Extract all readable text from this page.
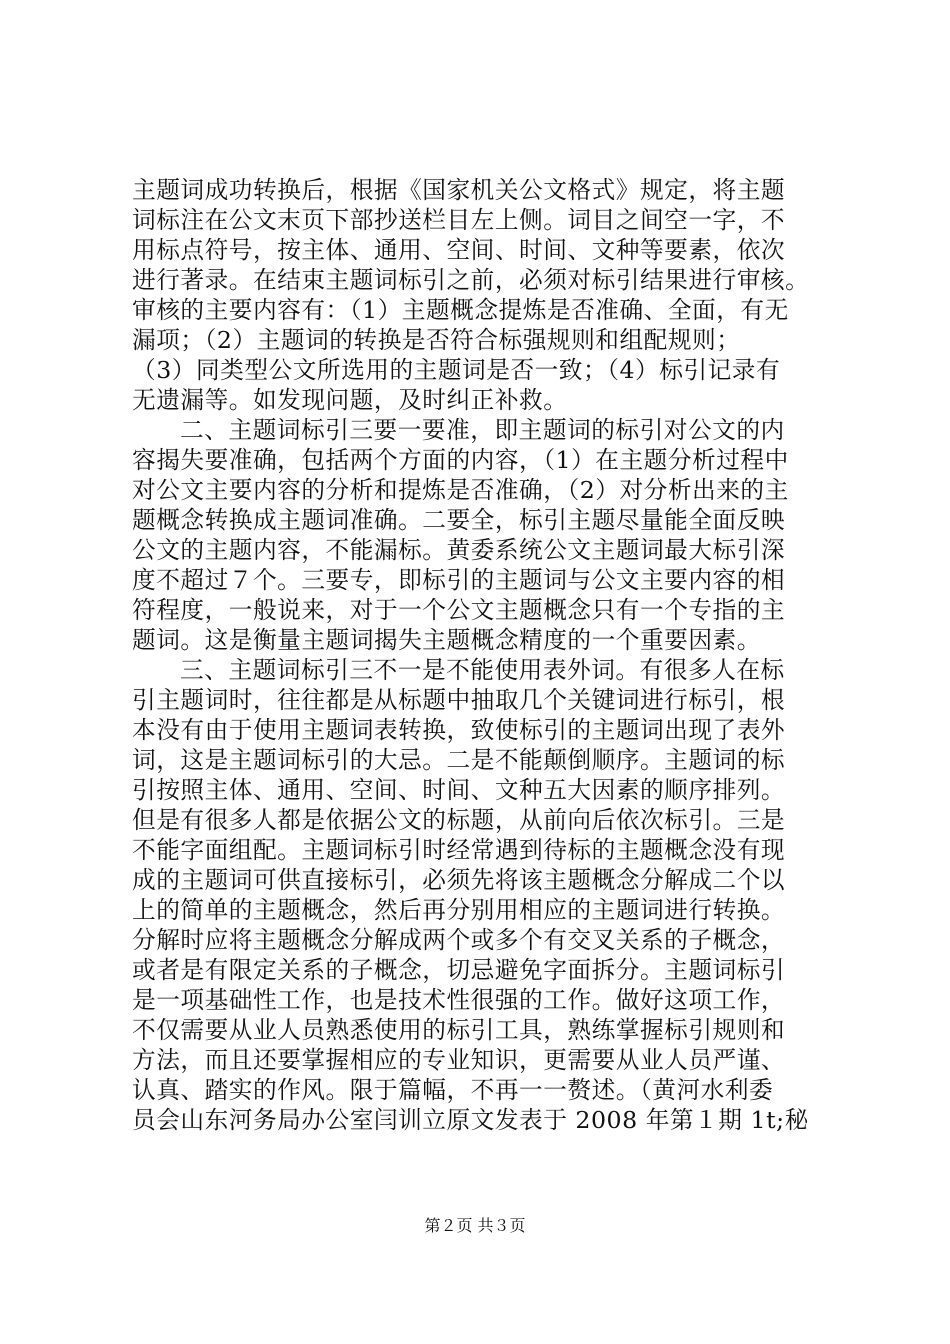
主题词成功转换后，根据《国家机关公文格式》规定，将主题
词标注在公文末页下部抄送栏目左上侧。词目之间空一字，不
用标点符号，按主体、通用、空间、时间、文种等要素，依次
进行著录。在结束主题词标引之前，必须对标引结果进行审核。
审核的主要内容有：（1）主题概念提炼是否准确、全面，有无
漏项；（2）主题词的转换是否符合标强规则和组配规则；
（3）同类型公文所选用的主题词是否一致；（4）标引记录有
无遗漏等。如发现问题，及时纠正补救。
二、主题词标引三要一要准，即主题词的标引对公文的内
容揭失要准确，包括两个方面的内容，（1）在主题分析过程中
对公文主要内容的分析和提炼是否准确，（2）对分析出来的主
题概念转换成主题词准确。二要全，标引主题尽量能全面反映
公文的主题内容，不能漏标。黄委系统公文主题词最大标引深
度不超过７个。三要专，即标引的主题词与公文主要内容的相
符程度，一般说来，对于一个公文主题概念只有一个专指的主
题词。这是衡量主题词揭失主题概念精度的一个重要因素。
三、主题词标引三不一是不能使用表外词。有很多人在标
引主题词时，往往都是从标题中抽取几个关键词进行标引，根
本没有由于使用主题词表转换，致使标引的主题词出现了表外
词，这是主题词标引的大忌。二是不能颠倒顺序。主题词的标
引按照主体、通用、空间、时间、文种五大因素的顺序排列。
但是有很多人都是依据公文的标题，从前向后依次标引。三是
不能字面组配。主题词标引时经常遇到待标的主题概念没有现
成的主题词可供直接标引，必须先将该主题概念分解成二个以
上的简单的主题概念，然后再分别用相应的主题词进行转换。
分解时应将主题概念分解成两个或多个有交叉关系的子概念，
或者是有限定关系的子概念，切忌避免字面拆分。主题词标引
是一项基础性工作，也是技术性很强的工作。做好这项工作，
不仅需要从业人员熟悉使用的标引工具，熟练掌握标引规则和
方法，而且还要掌握相应的专业知识，更需要从业人员严谨、
认真、踏实的作风。限于篇幅，不再一一赘述。（黄河水利委
员会山东河务局办公室闫训立原文发表于 2008 年第１期 1t;秘
第２页 共３页
